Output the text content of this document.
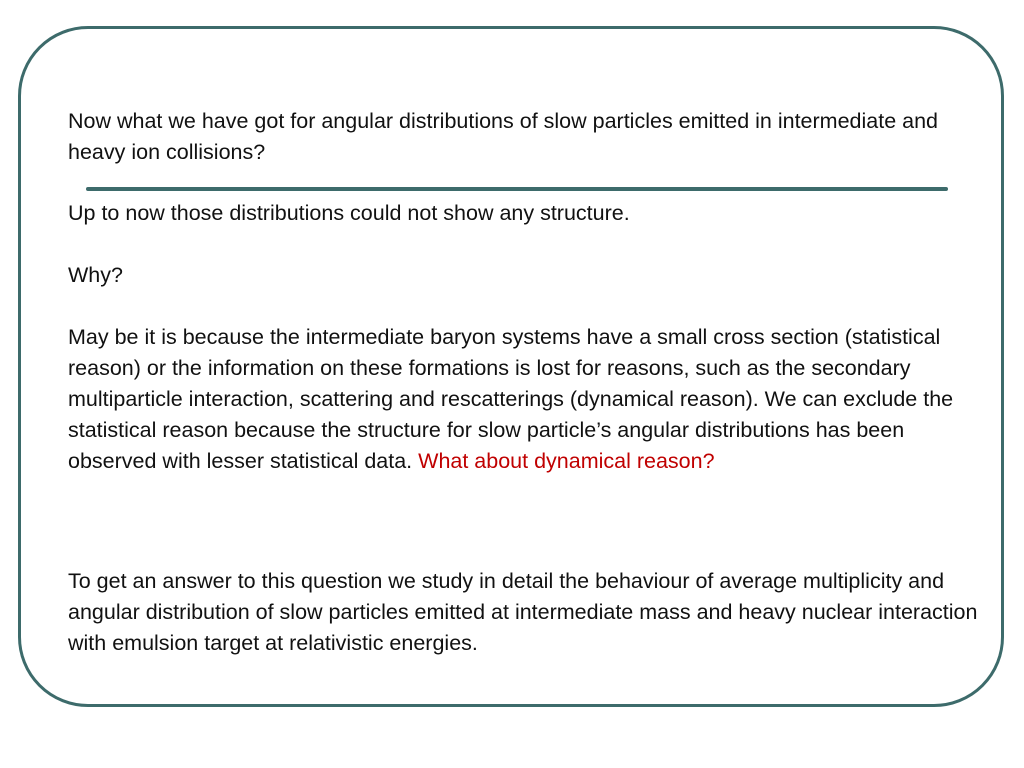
Now what we have got for angular distributions of slow particles emitted in intermediate and heavy ion collisions?

Up to now those distributions could not show any structure.

Why?

May be it is because the intermediate baryon systems have a small cross section (statistical reason) or the information on these formations is lost for reasons, such as the secondary multiparticle interaction, scattering and rescatterings (dynamical reason). We can exclude the statistical reason because the structure for slow particle’s angular distributions has been observed with lesser statistical data. What about dynamical reason?

To get an answer to this question we study in detail the behaviour of average multiplicity and angular distribution of slow particles emitted at intermediate mass and heavy nuclear interaction with emulsion target at relativistic energies.
